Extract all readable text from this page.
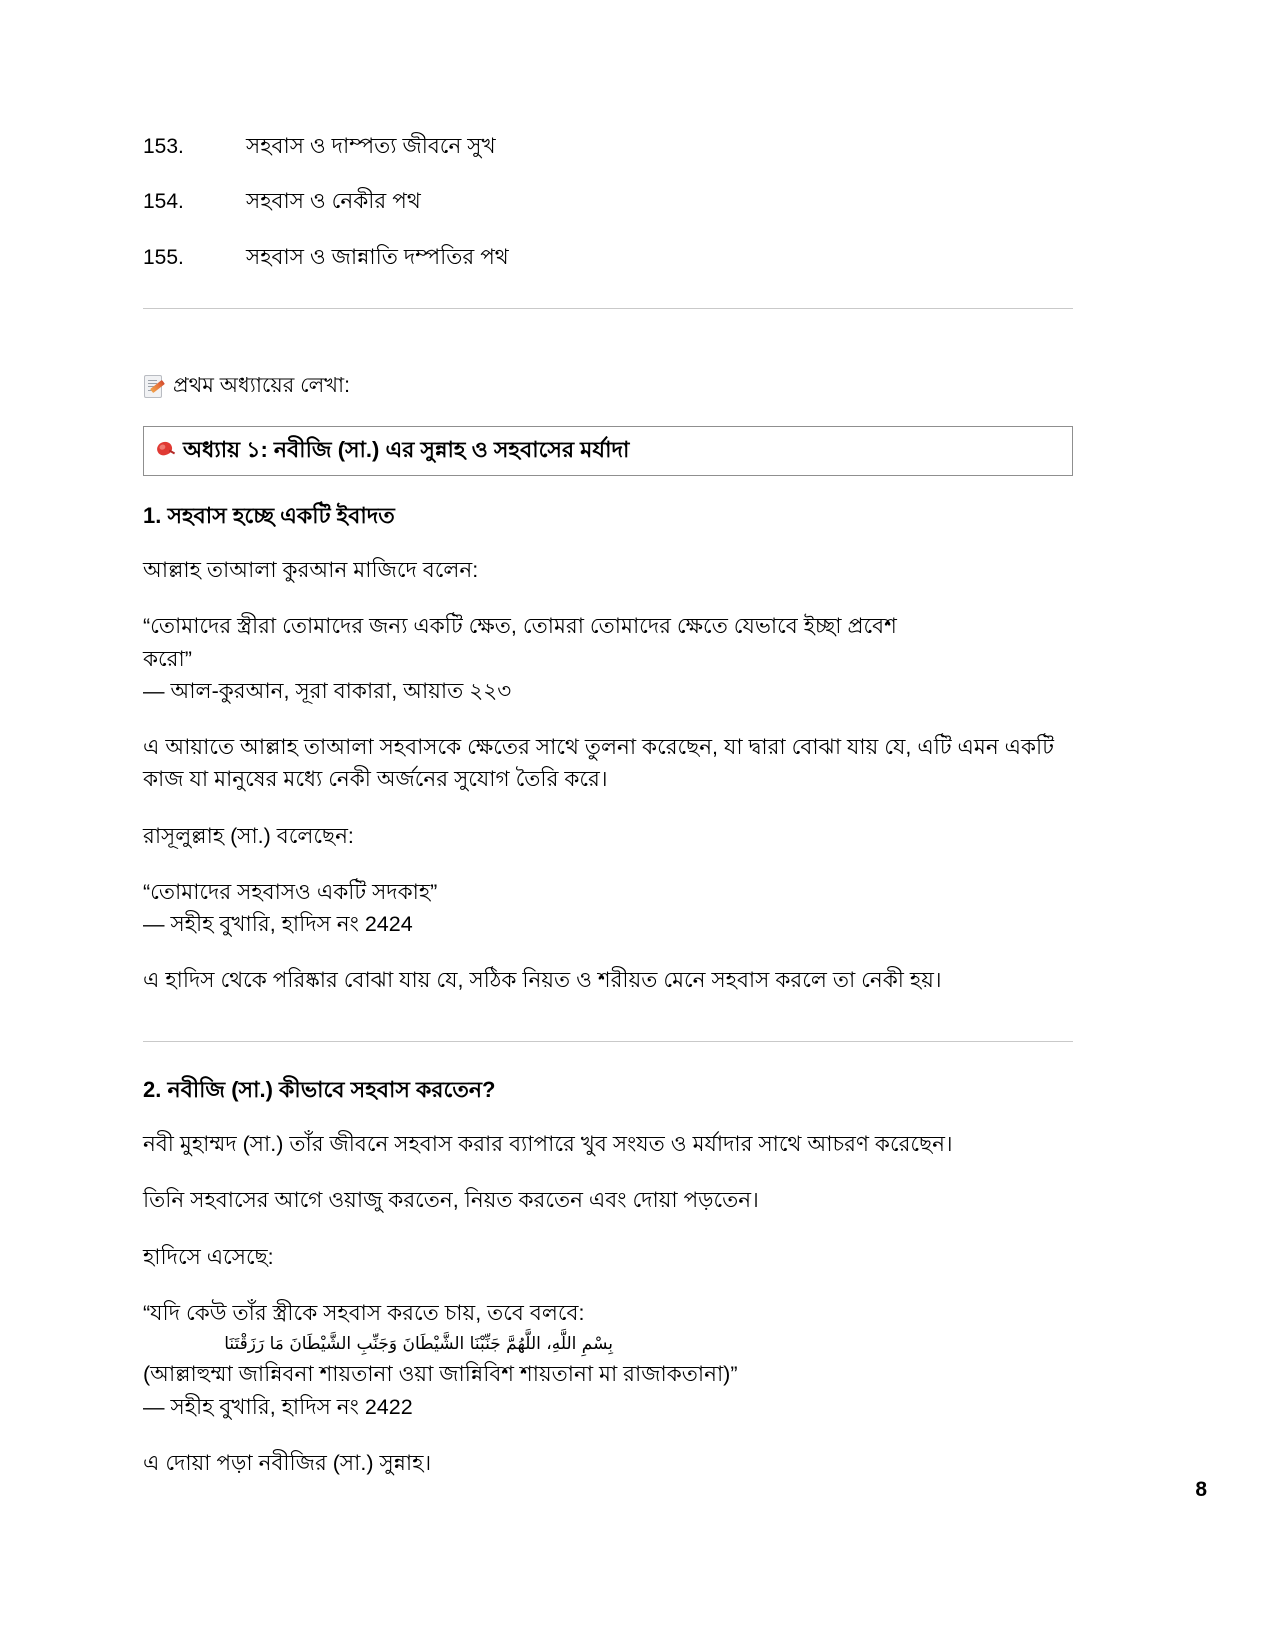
153.	সহবাস ও দাম্পত্য জীবনে সুখ
154.	সহবাস ও নেকীর পথ
155.	সহবাস ও জান্নাতি দম্পতির পথ
প্রথম অধ্যায়ের লেখা:
অধ্যায় ১: নবীজি (সা.) এর সুন্নাহ ও সহবাসের মর্যাদা
1. সহবাস হচ্ছে একটি ইবাদত

আল্লাহ তাআলা কুরআন মাজিদে বলেন:

“তোমাদের স্ত্রীরা তোমাদের জন্য একটি ক্ষেত, তোমরা তোমাদের ক্ষেতে যেভাবে ইচ্ছা প্রবেশ
করো”
— আল-কুরআন, সূরা বাকারা, আয়াত ২২৩

এ আয়াতে আল্লাহ তাআলা সহবাসকে ক্ষেতের সাথে তুলনা করেছেন, যা দ্বারা বোঝা যায় যে, এটি এমন একটি কাজ যা মানুষের মধ্যে নেকী অর্জনের সুযোগ তৈরি করে।

রাসূলুল্লাহ (সা.) বলেছেন:

“তোমাদের সহবাসও একটি সদকাহ”
— সহীহ বুখারি, হাদিস নং 2424

এ হাদিস থেকে পরিষ্কার বোঝা যায় যে, সঠিক নিয়ত ও শরীয়ত মেনে সহবাস করলে তা নেকী হয়।

2. নবীজি (সা.) কীভাবে সহবাস করতেন?

নবী মুহাম্মদ (সা.) তাঁর জীবনে সহবাস করার ব্যাপারে খুব সংযত ও মর্যাদার সাথে আচরণ করেছেন।

তিনি সহবাসের আগে ওয়াজু করতেন, নিয়ত করতেন এবং দোয়া পড়তেন।

হাদিসে এসেছে:

“যদি কেউ তাঁর স্ত্রীকে সহবাস করতে চায়, তবে বলবে:
بِسْمِ اللَّهِ، اللَّهُمَّ جَنِّبْنَا الشَّيْطَانَ وَجَنِّبِ الشَّيْطَانَ مَا رَزَقْتَنَا
(আল্লাহুম্মা জান্নিবনা শায়তানা ওয়া জান্নিবিশ শায়তানা মা রাজাকতানা)”
— সহীহ বুখারি, হাদিস নং 2422

এ দোয়া পড়া নবীজির (সা.) সুন্নাহ।

8
